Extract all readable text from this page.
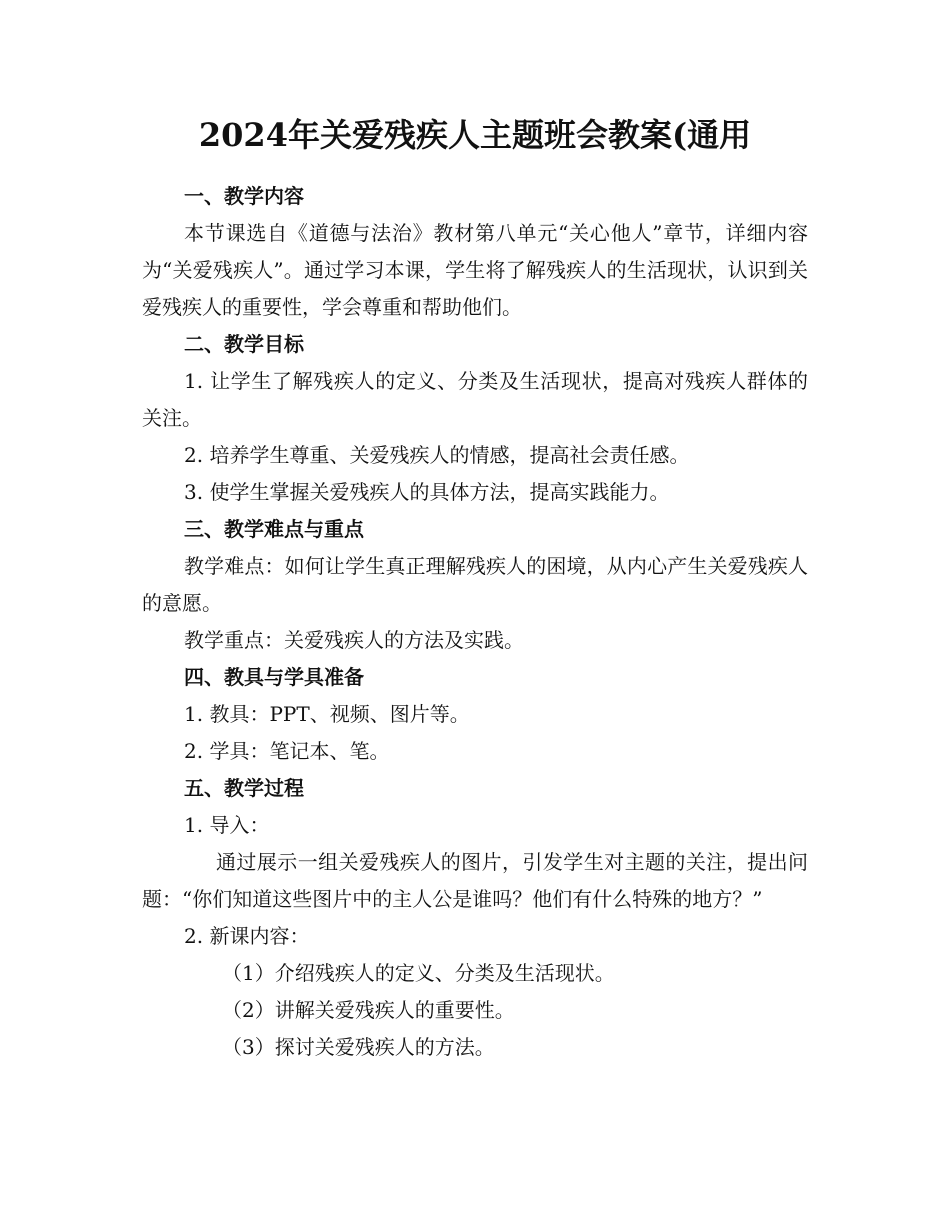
2024年关爱残疾人主题班会教案(通用

一、教学内容

本节课选自《道德与法治》教材第八单元“关心他人”章节，详细内容为“关爱残疾人”。通过学习本课，学生将了解残疾人的生活现状，认识到关爱残疾人的重要性，学会尊重和帮助他们。

二、教学目标

1. 让学生了解残疾人的定义、分类及生活现状，提高对残疾人群体的关注。

2. 培养学生尊重、关爱残疾人的情感，提高社会责任感。

3. 使学生掌握关爱残疾人的具体方法，提高实践能力。

三、教学难点与重点

教学难点：如何让学生真正理解残疾人的困境，从内心产生关爱残疾人的意愿。

教学重点：关爱残疾人的方法及实践。

四、教具与学具准备

1. 教具：PPT、视频、图片等。

2. 学具：笔记本、笔。

五、教学过程

1. 导入：

通过展示一组关爱残疾人的图片，引发学生对主题的关注，提出问题：“你们知道这些图片中的主人公是谁吗？他们有什么特殊的地方？”

2. 新课内容：

（1）介绍残疾人的定义、分类及生活现状。

（2）讲解关爱残疾人的重要性。

（3）探讨关爱残疾人的方法。
